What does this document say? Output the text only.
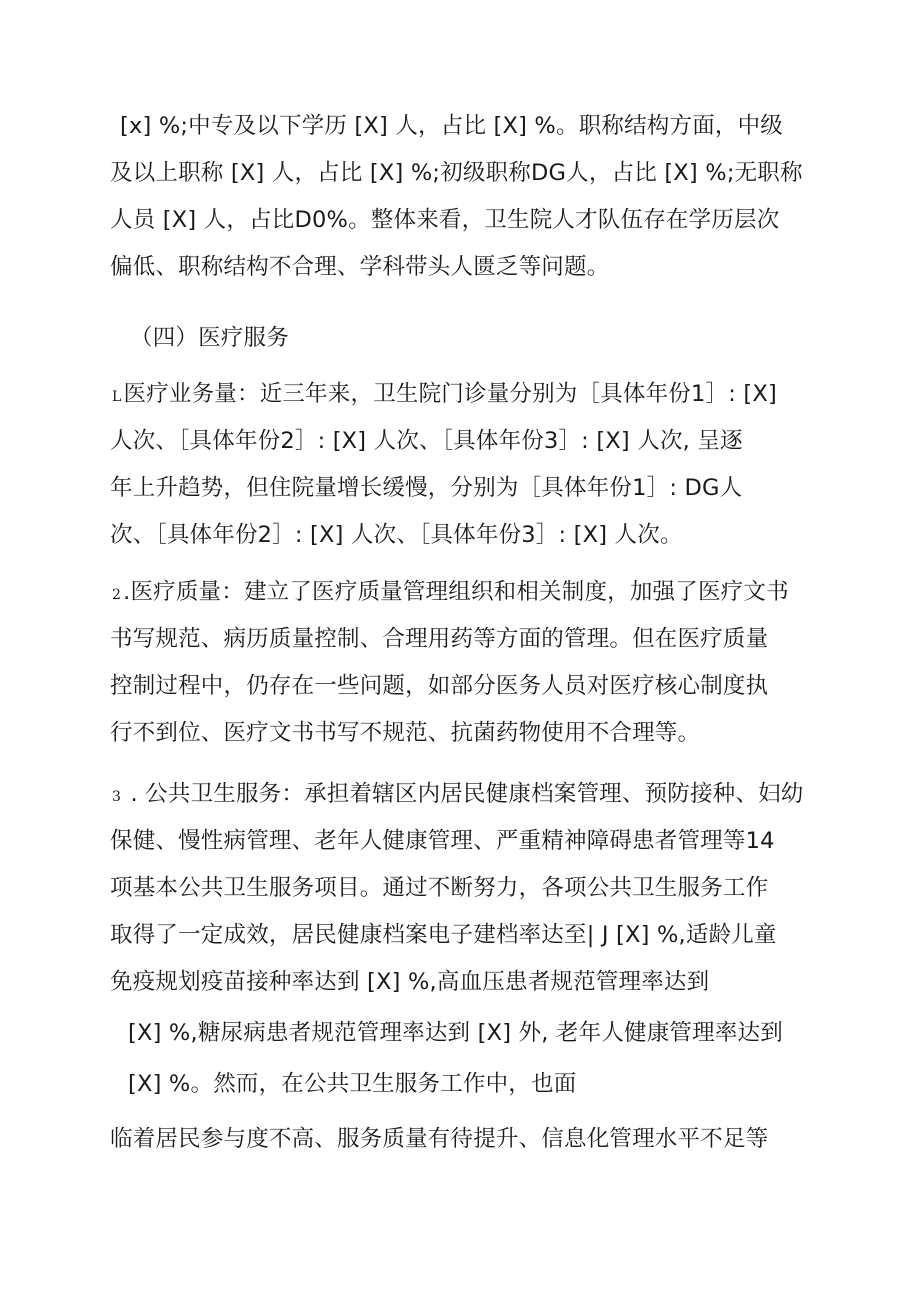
[x] %;中专及以下学历 [X] 人，占比 [X] %。职称结构方面，中级
及以上职称 [X] 人，占比 [X] %;初级职称DG人，占比 [X] %;无职称
人员 [X] 人，占比D0%。整体来看，卫生院人才队伍存在学历层次
偏低、职称结构不合理、学科带头人匮乏等问题。
（四）医疗服务
L医疗业务量：近三年来，卫生院门诊量分别为［具体年份1］: [X]
人次、［具体年份2］: [X] 人次、［具体年份3］: [X] 人次, 呈逐
年上升趋势，但住院量增长缓慢，分别为［具体年份1］: DG人
次、［具体年份2］: [X] 人次、［具体年份3］: [X] 人次。
2.医疗质量：建立了医疗质量管理组织和相关制度，加强了医疗文书
书写规范、病历质量控制、合理用药等方面的管理。但在医疗质量
控制过程中，仍存在一些问题，如部分医务人员对医疗核心制度执
行不到位、医疗文书书写不规范、抗菌药物使用不合理等。
3 . 公共卫生服务：承担着辖区内居民健康档案管理、预防接种、妇幼
保健、慢性病管理、老年人健康管理、严重精神障碍患者管理等14
项基本公共卫生服务项目。通过不断努力，各项公共卫生服务工作
取得了一定成效，居民健康档案电子建档率达至| J [X] %,适龄儿童
免疫规划疫苗接种率达到 [X] %,高血压患者规范管理率达到
[X] %,糖尿病患者规范管理率达到 [X] 外, 老年人健康管理率达到
[X] %。然而，在公共卫生服务工作中，也面
临着居民参与度不高、服务质量有待提升、信息化管理水平不足等
